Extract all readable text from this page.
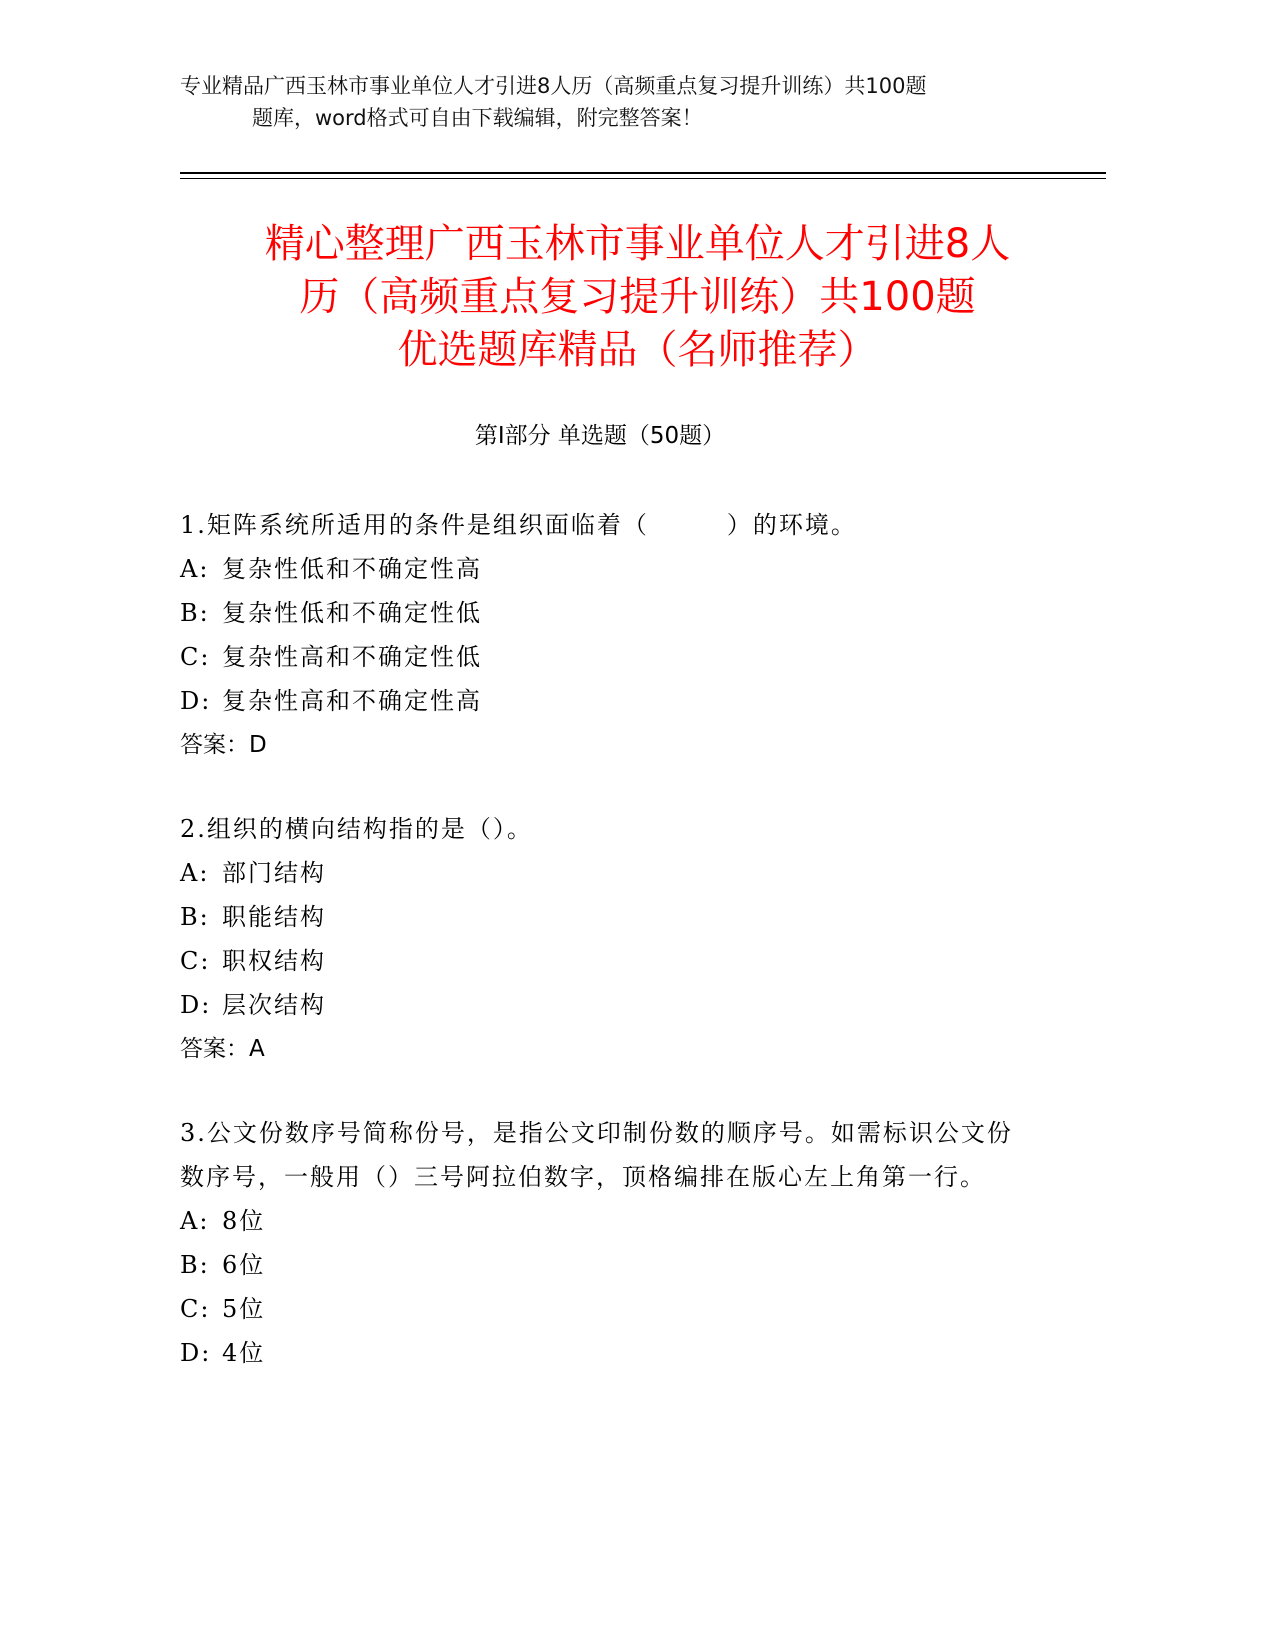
专业精品广西玉林市事业单位人才引进8人历（高频重点复习提升训练）共100题
题库，word格式可自由下载编辑，附完整答案！
精心整理广西玉林市事业单位人才引进8人
历（高频重点复习提升训练）共100题
优选题库精品（名师推荐）
第Ⅰ部分 单选题（50题）

1.矩阵系统所适用的条件是组织面临着（　　　）的环境。

A: 复杂性低和不确定性高

B: 复杂性低和不确定性低

C: 复杂性高和不确定性低

D: 复杂性高和不确定性高

答案：D

2.组织的横向结构指的是（）。

A: 部门结构

B: 职能结构

C: 职权结构

D: 层次结构

答案：A

3.公文份数序号简称份号，是指公文印制份数的顺序号。如需标识公文份数序号，一般用（）三号阿拉伯数字，顶格编排在版心左上角第一行。

A: 8位

B: 6位

C: 5位

D: 4位
